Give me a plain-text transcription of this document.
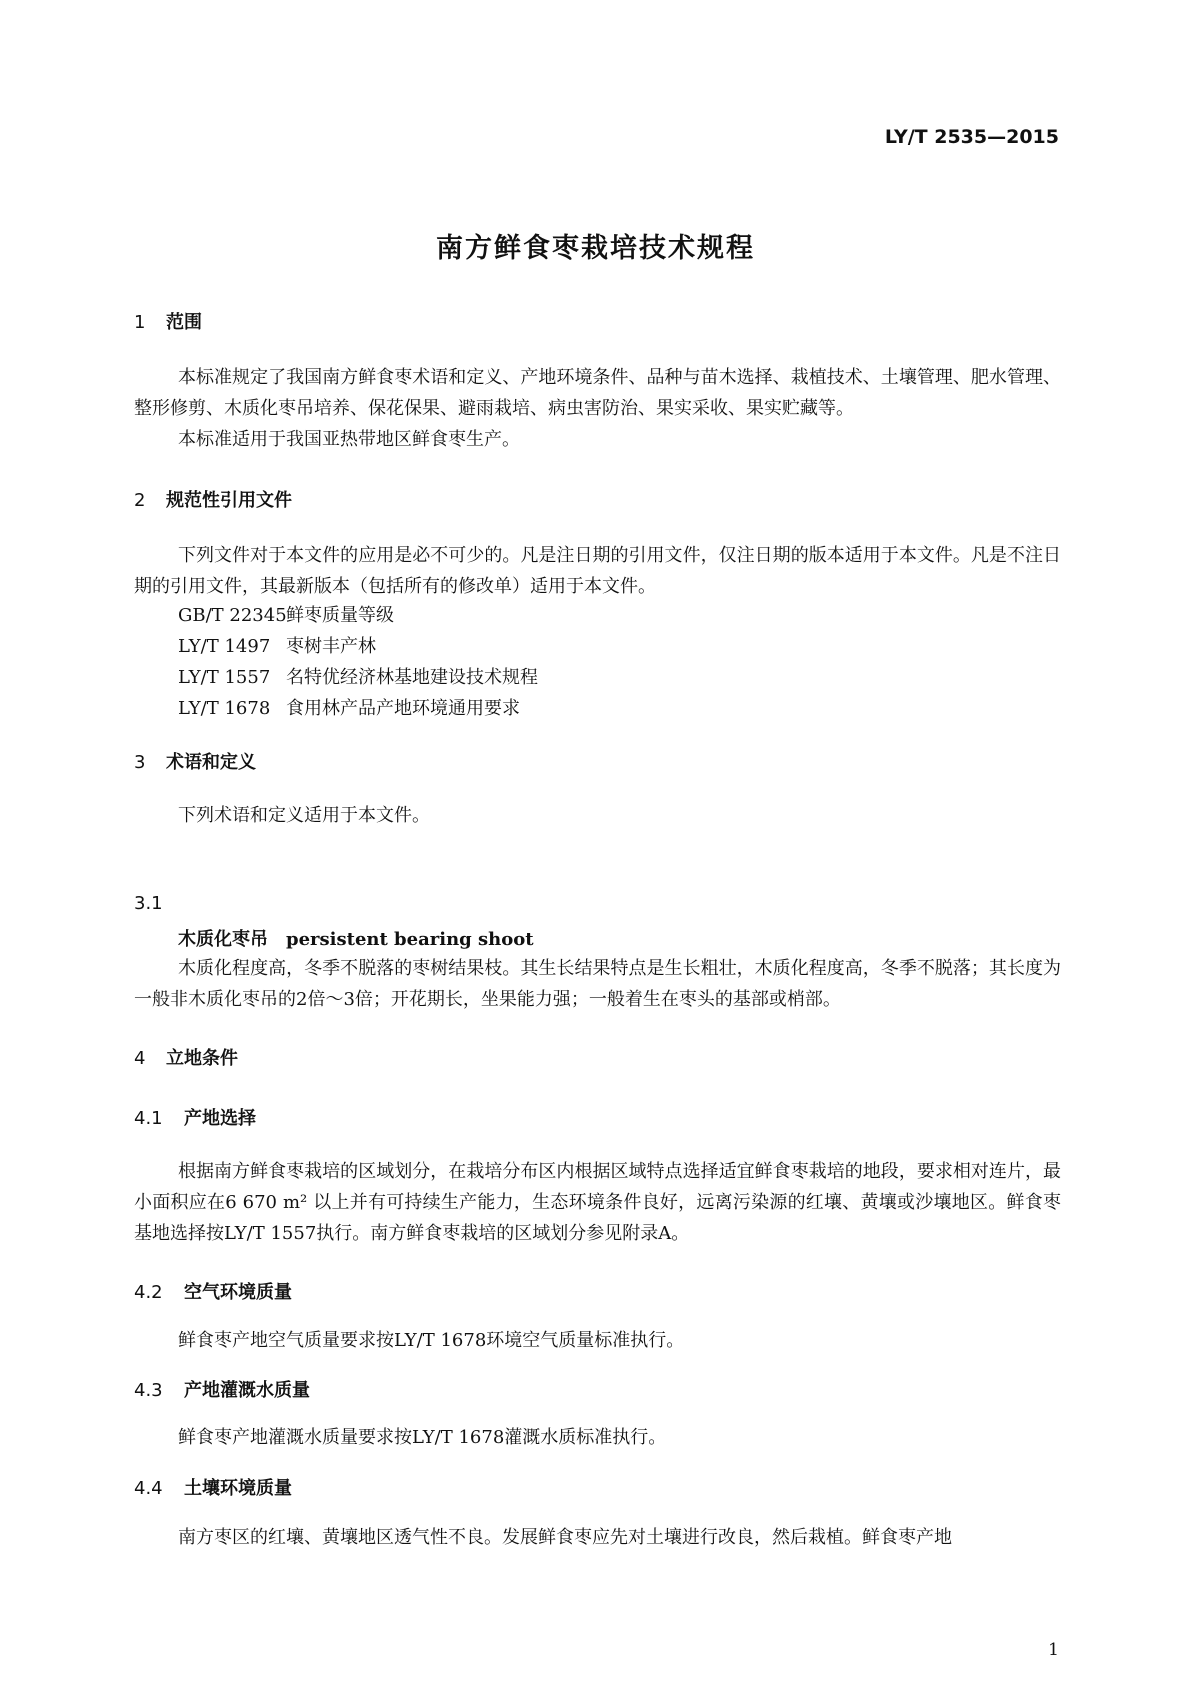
LY/T 2535—2015
南方鲜食枣栽培技术规程
1 范围
本标准规定了我国南方鲜食枣术语和定义、产地环境条件、品种与苗木选择、栽植技术、土壤管理、肥水管理、整形修剪、木质化枣吊培养、保花保果、避雨栽培、病虫害防治、果实采收、果实贮藏等。
本标准适用于我国亚热带地区鲜食枣生产。
2 规范性引用文件
下列文件对于本文件的应用是必不可少的。凡是注日期的引用文件，仅注日期的版本适用于本文件。凡是不注日期的引用文件，其最新版本（包括所有的修改单）适用于本文件。
GB/T 22345鲜枣质量等级
LY/T 1497 枣树丰产林
LY/T 1557 名特优经济林基地建设技术规程
LY/T 1678 食用林产品产地环境通用要求
3 术语和定义
下列术语和定义适用于本文件。
3.1
木质化枣吊 persistent bearing shoot
木质化程度高，冬季不脱落的枣树结果枝。其生长结果特点是生长粗壮，木质化程度高，冬季不脱落；其长度为一般非木质化枣吊的2倍～3倍；开花期长，坐果能力强；一般着生在枣头的基部或梢部。
4 立地条件
4.1 产地选择
根据南方鲜食枣栽培的区域划分，在栽培分布区内根据区域特点选择适宜鲜食枣栽培的地段，要求相对连片，最小面积应在6 670 m² 以上并有可持续生产能力，生态环境条件良好，远离污染源的红壤、黄壤或沙壤地区。鲜食枣基地选择按LY/T 1557执行。南方鲜食枣栽培的区域划分参见附录A。
4.2 空气环境质量
鲜食枣产地空气质量要求按LY/T 1678环境空气质量标准执行。
4.3 产地灌溉水质量
鲜食枣产地灌溉水质量要求按LY/T 1678灌溉水质标准执行。
4.4 土壤环境质量
南方枣区的红壤、黄壤地区透气性不良。发展鲜食枣应先对土壤进行改良，然后栽植。鲜食枣产地
1
